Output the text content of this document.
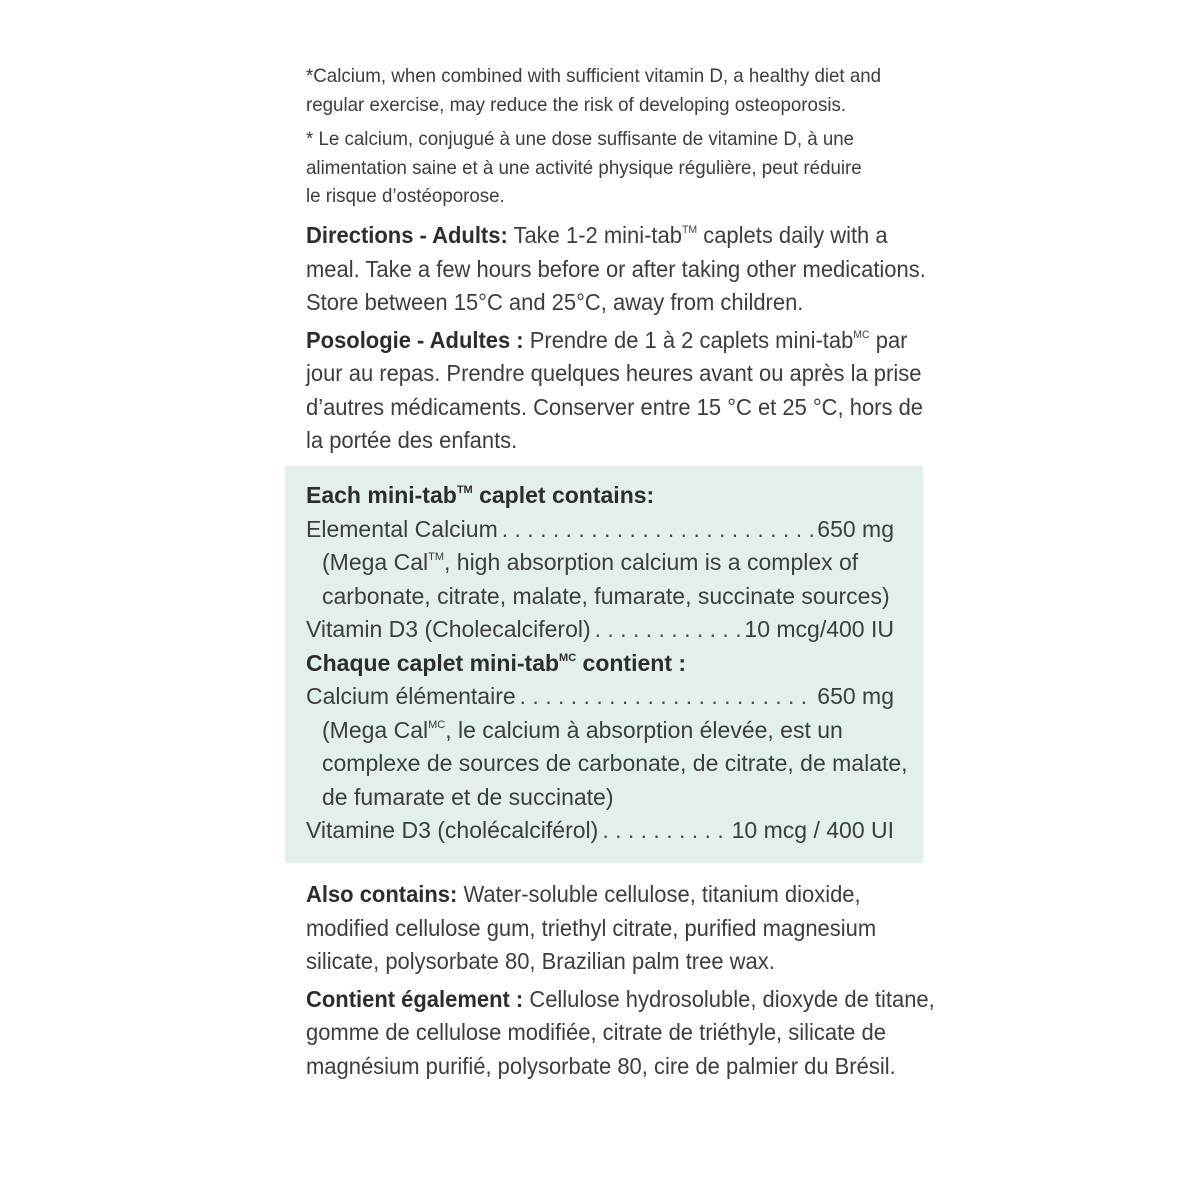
*Calcium, when combined with sufficient vitamin D, a healthy diet and regular exercise, may reduce the risk of developing osteoporosis.

* Le calcium, conjugué à une dose suffisante de vitamine D, à une
alimentation saine et à une activité physique régulière, peut réduire
le risque d’ostéoporose.

Directions - Adults: Take 1-2 mini-tab™ caplets daily with a meal. Take a few hours before or after taking other medications. Store between 15°C and 25°C, away from children.

Posologie - Adultes : Prendre de 1 à 2 caplets mini-tab$^{MC}$ par jour au repas. Prendre quelques heures avant ou après la prise d’autres médicaments. Conserver entre 15 °C et 25 °C, hors de la portée des enfants.

Each mini-tab™ caplet contains:
Elemental Calcium . . .	650 mg
(Mega Cal™, high absorption calcium is a complex of
carbonate, citrate, malate, fumarate, succinate sources)
Vitamin D3 (Cholecalciferol) . . .	10 mcg/400 IU
Chaque caplet mini-tab$^{MC}$ contient :
Calcium élémentaire . . .	650 mg
(Mega Cal$^{MC}$, le calcium à absorption élevée, est un
complexe de sources de carbonate, de citrate, de malate,
de fumarate et de succinate)
Vitamine D3 (cholécalciférol) . . .	10 mcg / 400 UI

Also contains: Water-soluble cellulose, titanium dioxide, modified cellulose gum, triethyl citrate, purified magnesium silicate, polysorbate 80, Brazilian palm tree wax.

Contient également : Cellulose hydrosoluble, dioxyde de titane, gomme de cellulose modifiée, citrate de triéthyle, silicate de magnésium purifié, polysorbate 80, cire de palmier du Brésil.
